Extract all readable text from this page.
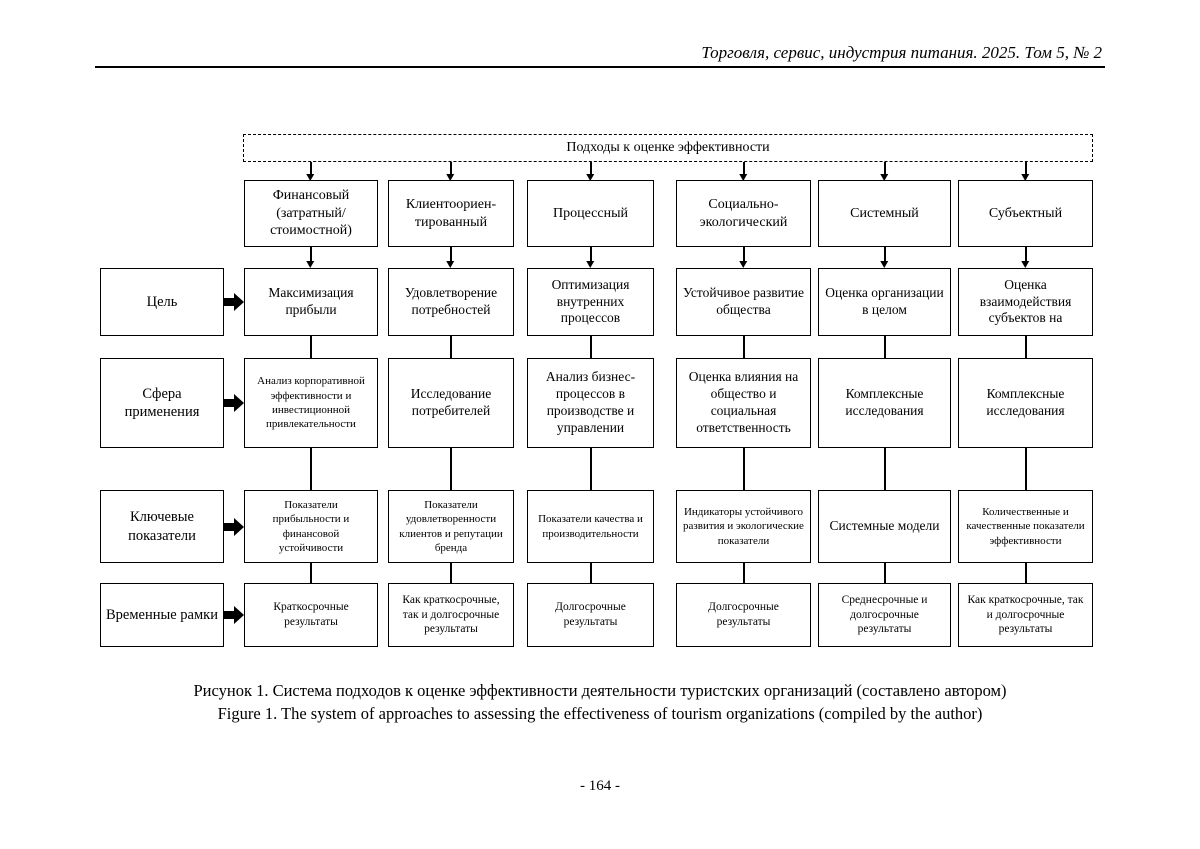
Торговля, сервис, индустрия питания. 2025. Том 5, № 2
Подходы к оценке эффективности
Финансовый (затратный/ стоимостной)
Клиентоориен- тированный
Процессный
Социально- экологический
Системный	Субъектный
Цель
Сфера применения
Ключевые показатели
Временные рамки
Максимизация прибыли
Удовлетворение потребностей
Оптимизация внутренних процессов
Устойчивое развитие общества
Оценка организации в целом
Оценка взаимодействия субъектов на
Анализ корпоративной эффективности и инвестиционной привлекательности
Исследование потребителей
Анализ бизнес- процессов в производстве и управлении
Оценка влияния на общество и социальная ответственность
Комплексные исследования
Комплексные исследования
Показатели прибыльности и финансовой устойчивости
Показатели удовлетворенности клиентов и репутации бренда
Показатели качества и производительности
Индикаторы устойчивого развития и экологические показатели
Системные модели
Количественные и качественные показатели эффективности
Краткосрочные результаты
Как краткосрочные, так и долгосрочные результаты
Долгосрочные результаты
Долгосрочные результаты
Среднесрочные и долгосрочные результаты
Как краткосрочные, так и долгосрочные результаты
Рисунок 1. Система подходов к оценке эффективности деятельности туристских организаций (составлено автором)
Figure 1. The system of approaches to assessing the effectiveness of tourism organizations (compiled by the author)
- 164 -
